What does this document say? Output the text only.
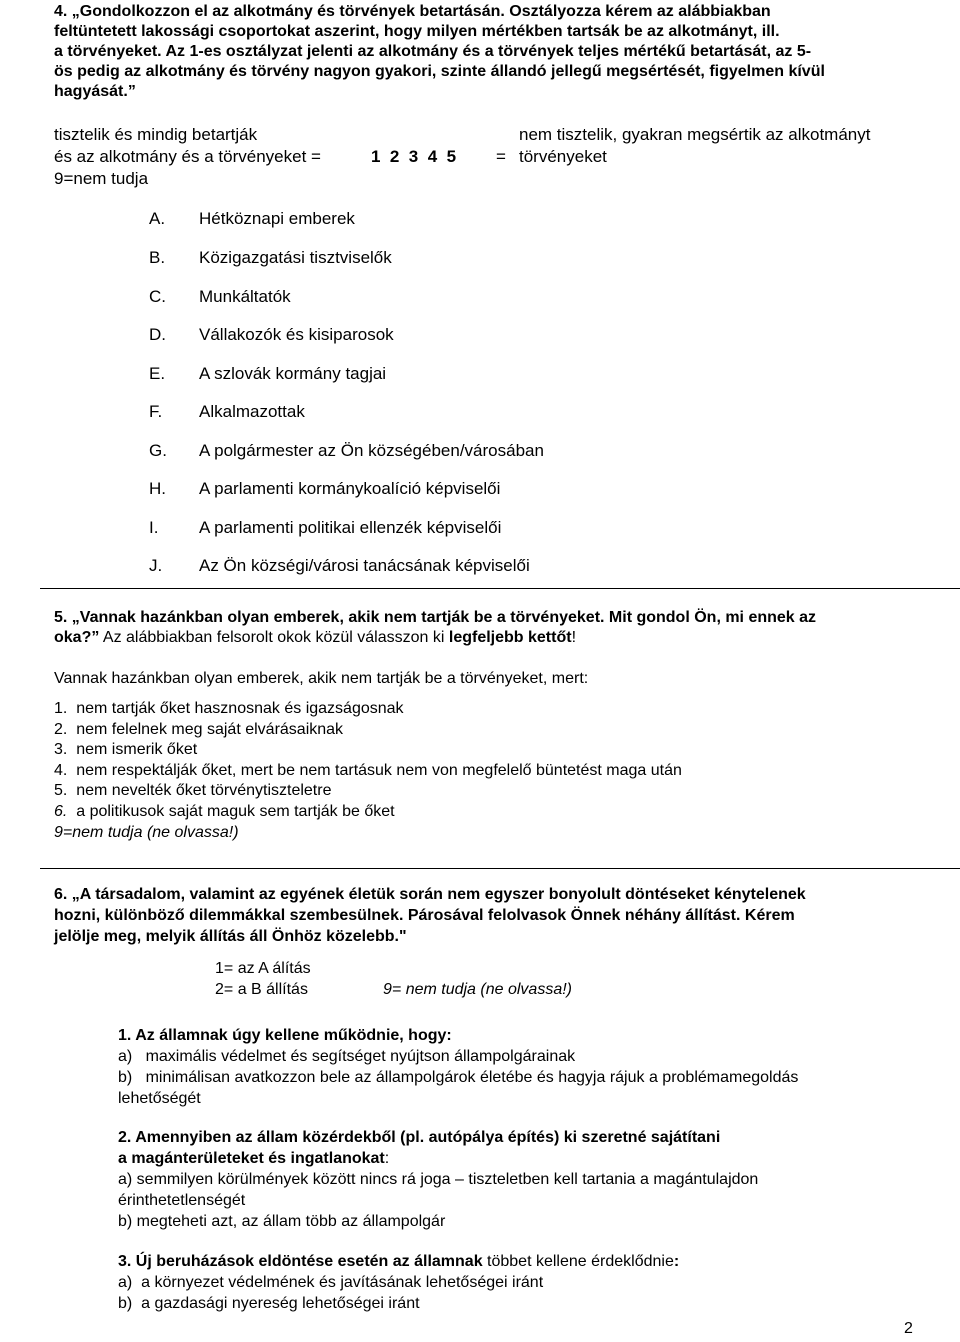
4. „Gondolkozzon el az alkotmány és törvények betartásán. Osztályozza kérem az alábbiakban
feltüntetett lakossági csoportokat aszerint, hogy milyen mértékben tartsák be az alkotmányt, ill.
a törvényeket. Az 1-es osztályzat jelenti az alkotmány és a törvények teljes mértékű betartását, az 5-
ös pedig az alkotmány és törvény nagyon gyakori, szinte állandó jellegű megsértését, figyelmen kívül
hagyását.”
tisztelik és mindig betartják	nem tisztelik, gyakran megsértik az alkotmányt
és az alkotmány és a törvényeket =	1  2  3  4  5 = törvényeket
9=nem tudja
A. Hétköznapi emberek
B. Közigazgatási tisztviselők
C. Munkáltatók
D. Vállakozók és kisiparosok
E. A szlovák kormány tagjai
F. Alkalmazottak
G. A polgármester az Ön községében/városában
H. A parlamenti kormánykoalíció képviselői
I. A parlamenti politikai ellenzék képviselői
J. Az Ön községi/városi tanácsának képviselői
5. „Vannak hazánkban olyan emberek, akik nem tartják be a törvényeket. Mit gondol Ön, mi ennek az
oka?” Az alábbiakban felsorolt okok közül válasszon ki legfeljebb kettőt!
Vannak hazánkban olyan emberek, akik nem tartják be a törvényeket, mert:
1.  nem tartják őket hasznosnak és igazságosnak
2.  nem felelnek meg saját elvárásaiknak
3.  nem ismerik őket
4.  nem respektálják őket, mert be nem tartásuk nem von megfelelő büntetést maga után
5.  nem nevelték őket törvénytiszteletre
6.  a politikusok saját maguk sem tartják be őket
9=nem tudja (ne olvassa!)
6. „A társadalom, valamint az egyének életük során nem egyszer bonyolult döntéseket kénytelenek
hozni, különböző dilemmákkal szembesülnek. Párosával felolvasok Önnek néhány állítást. Kérem
jelölje meg, melyik állítás áll Önhöz közelebb."
1= az A álítás
2= a B állítás	9= nem tudja (ne olvassa!)
1. Az államnak úgy kellene működnie, hogy:
a)   maximális védelmet és segítséget nyújtson állampolgárainak
b)   minimálisan avatkozzon bele az állampolgárok életébe és hagyja rájuk a problémamegoldás
lehetőségét
2. Amennyiben az állam közérdekből (pl. autópálya építés) ki szeretné sajátítani
a magánterületeket és ingatlanokat:
a) semmilyen körülmények között nincs rá joga – tiszteletben kell tartania a magántulajdon
érinthetetlenségét
b) megteheti azt, az állam több az állampolgár
3. Új beruházások eldöntése esetén az államnak többet kellene érdeklődnie:
a)  a környezet védelmének és javításának lehetőségei iránt
b)  a gazdasági nyereség lehetőségei iránt
2
